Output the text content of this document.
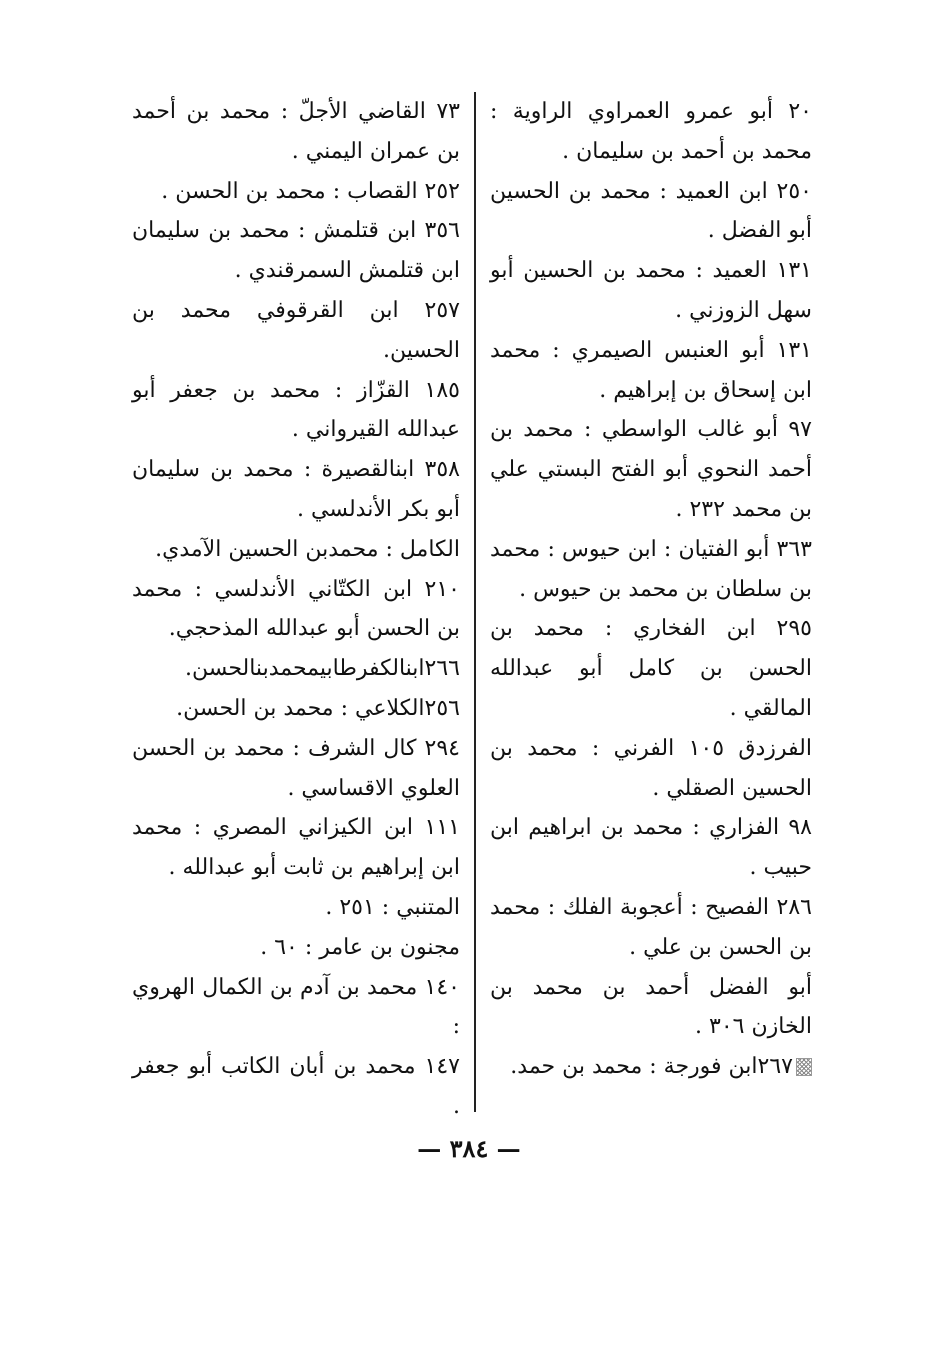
٢٠ أبو عمرو العمراوي الراوية : محمد بن أحمد بن سليمان .

٢٥٠ ابن العميد : محمد بن الحسين أبو الفضل .

١٣١ العميد : محمد بن الحسين أبو سهل الزوزني .

١٣١ أبو العنبس الصيمري : محمد ابن إسحاق بن إبراهيم .

٩٧ أبو غالب الواسطي : محمد بن أحمد النحوي أبو الفتح البستي علي بن محمد ٢٣٢ .

٣٦٣ أبو الفتيان : ابن حيوس : محمد بن سلطان بن محمد بن حيوس .

٢٩٥ ابن الفخاري : محمد بن الحسن بن كامل أبو عبدالله المالقي .

الفرزدق ١٠٥ الفرني : محمد بن الحسين الصقلي .

٩٨ الفزاري : محمد بن ابراهيم ابن حبيب .

٢٨٦ الفصيح : أعجوبة الفلك : محمد بن الحسن بن علي .

أبو الفضل أحمد بن محمد بن الخازن ٣٠٦ .

٢٦٧ابن فورجة : محمد بن حمد.

٧٣ القاضي الأجلّ : محمد بن أحمد بن عمران اليمني .

٢٥٢ القصاب : محمد بن الحسن .

٣٥٦ ابن قتلمش : محمد بن سليمان ابن قتلمش السمرقندي .

٢٥٧ ابن القرقوفي محمد بن الحسين.

١٨٥ القزّاز : محمد بن جعفر أبو عبدالله القيرواني .

٣٥٨ ابنالقصيرة : محمد بن سليمان أبو بكر الأندلسي .

الكامل : محمدبن الحسين الآمدي.

٢١٠ ابن الكتّاني الأندلسي : محمد بن الحسن أبو عبدالله المذحجي.

٢٦٦ابنالكفرطابيمحمدبنالحسن.

٢٥٦الكلاعي : محمد بن الحسن.

٢٩٤ كال الشرف : محمد بن الحسن العلوي الاقساسي .

١١١ ابن الكيزاني المصري : محمد ابن إبراهيم بن ثابت أبو عبدالله .

المتنبي : ٢٥١ .

مجنون بن عامر : ٦٠ .

١٤٠ محمد بن آدم بن الكمال الهروي :

١٤٧ محمد بن أبان الكاتب أبو جعفر .

— ٣٨٤ —
